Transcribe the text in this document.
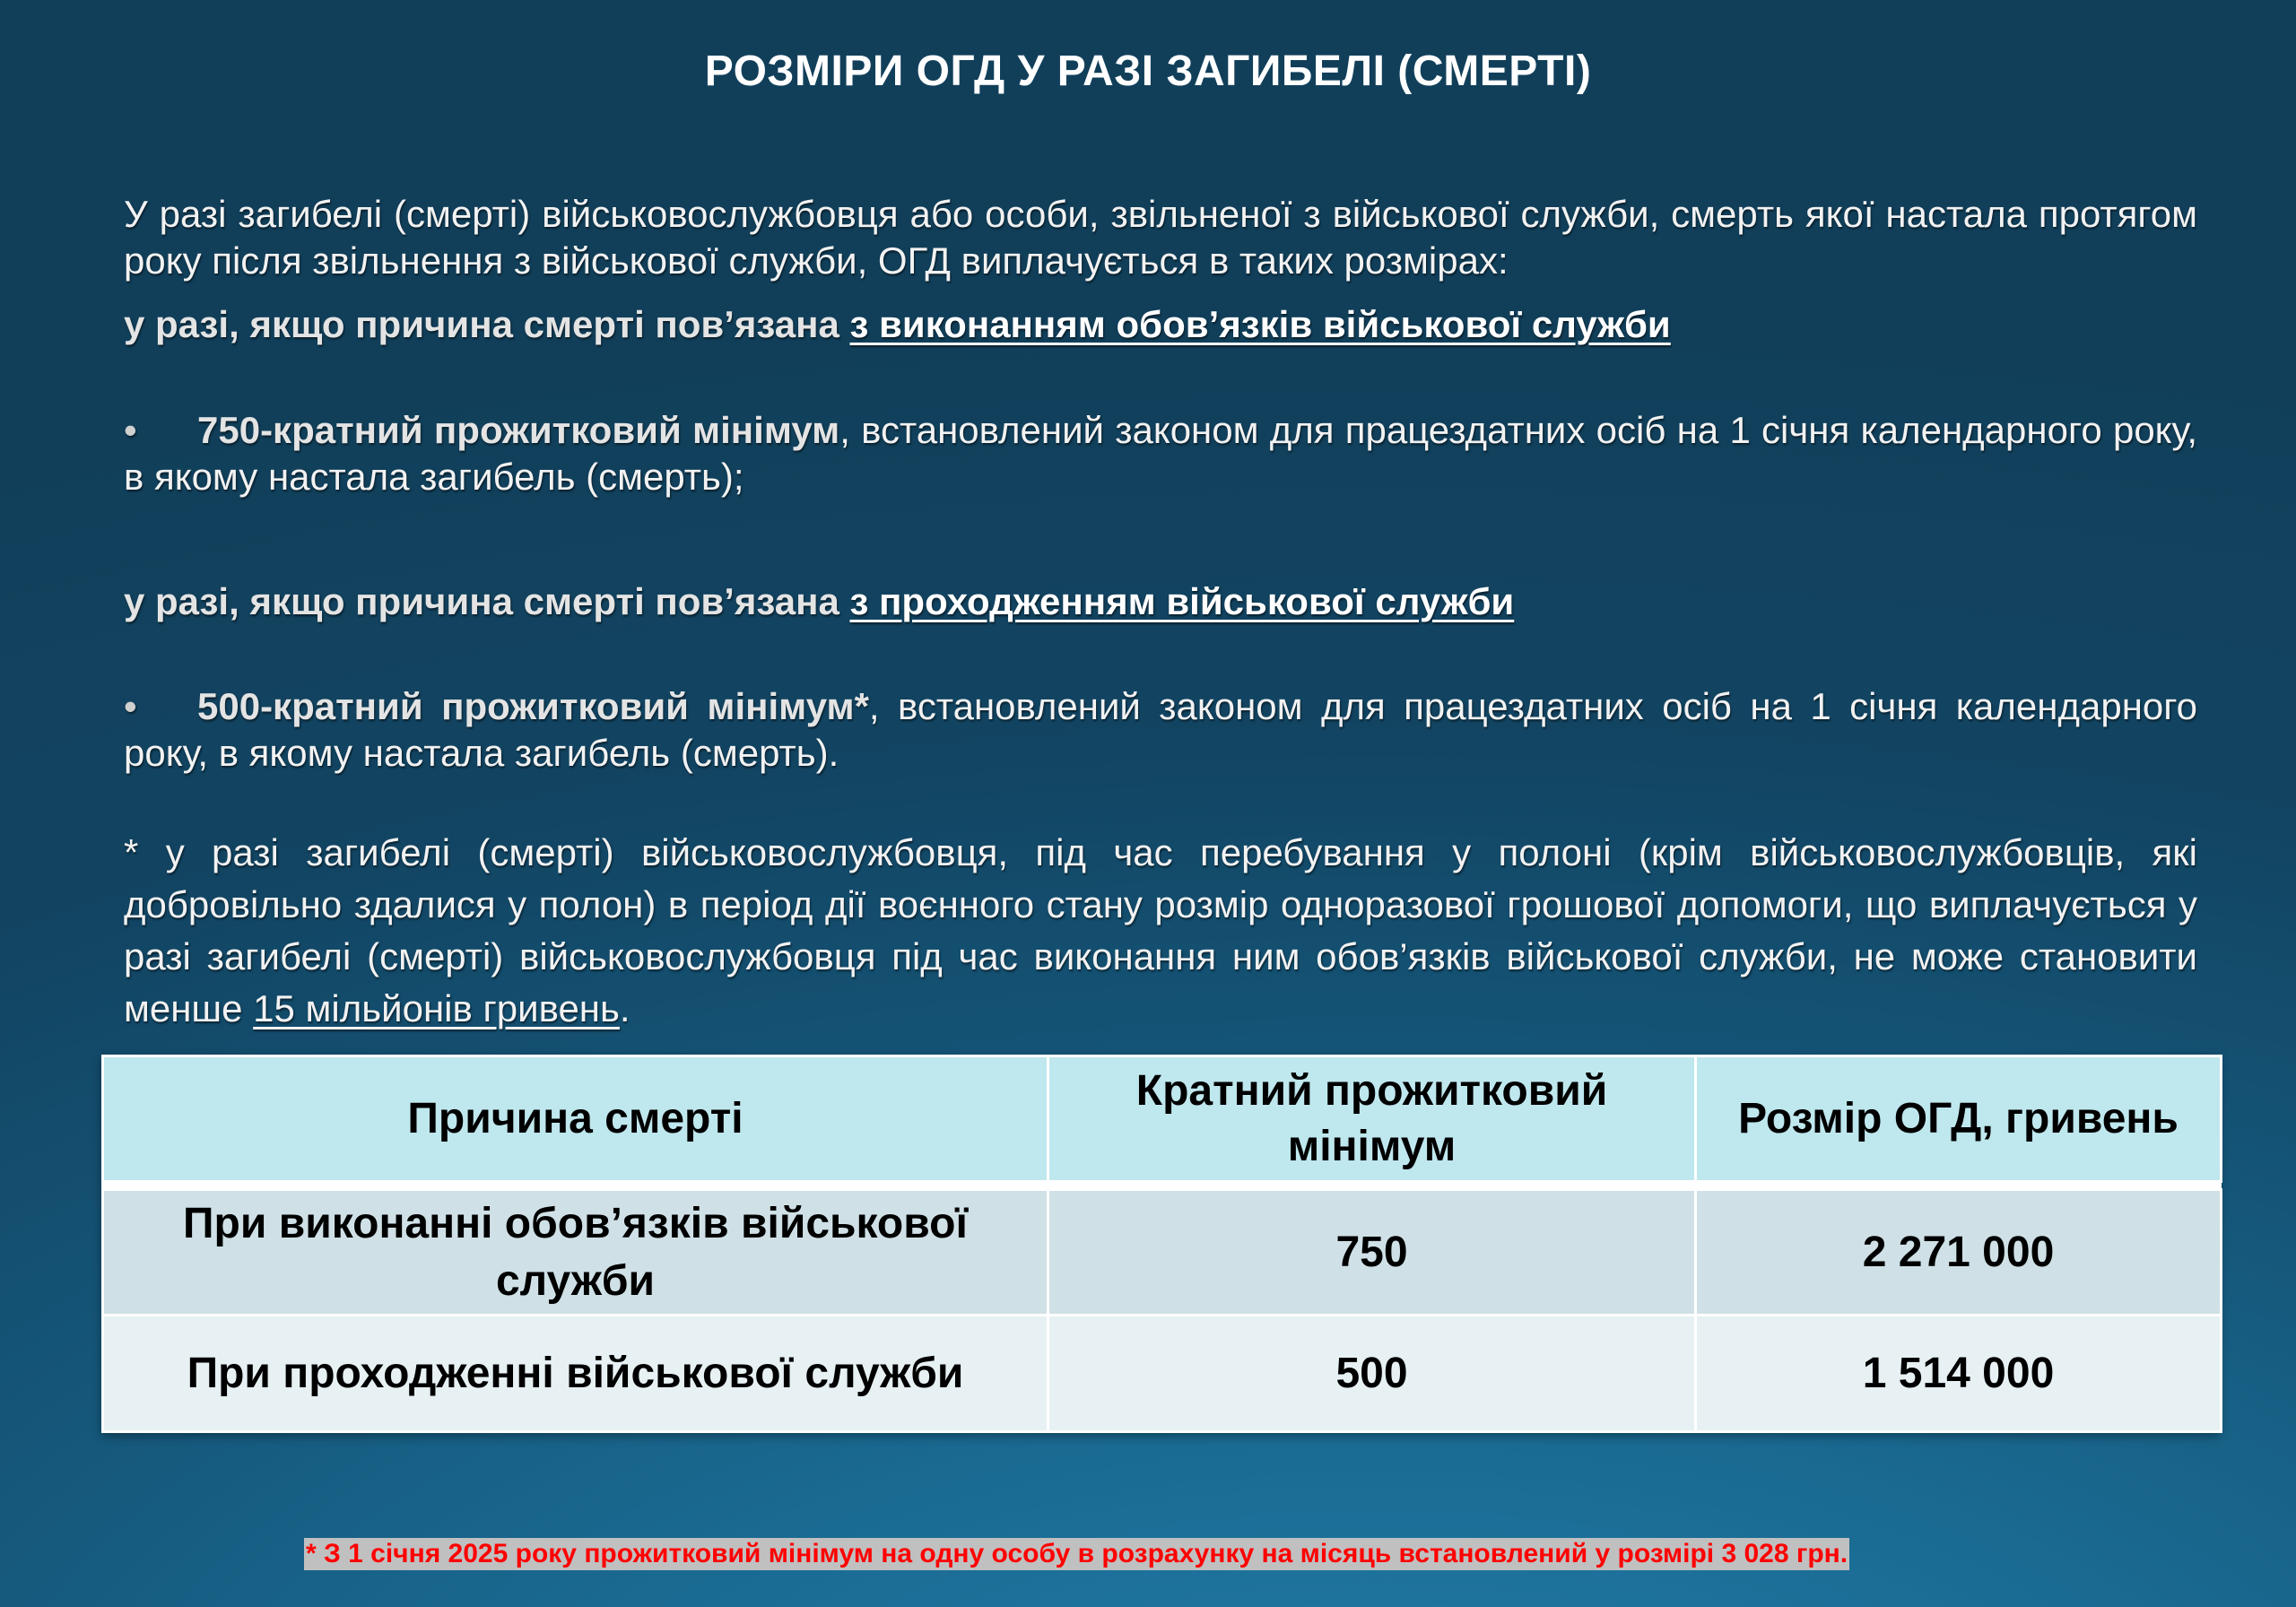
РОЗМІРИ ОГД У РАЗІ ЗАГИБЕЛІ (СМЕРТІ)

У разі загибелі (смерті) військовослужбовця або особи, звільненої з військової служби, смерть якої настала протягом року після звільнення з військової служби, ОГД виплачується в таких розмірах:

у разі, якщо причина смерті пов’язана з виконанням обов’язків військової служби

• 750-кратний прожитковий мінімум, встановлений законом для працездатних осіб на 1 січня календарного року, в якому настала загибель (смерть);

у разі, якщо причина смерті пов’язана з проходженням військової служби

• 500-кратний прожитковий мінімум*, встановлений законом для працездатних осіб на 1 січня календарного року, в якому настала загибель (смерть).

* у разі загибелі (смерті) військовослужбовця, під час перебування у полоні (крім військовослужбовців, які добровільно здалися у полон) в період дії воєнного стану розмір одноразової грошової допомоги, що виплачується у разі загибелі (смерті) військовослужбовця під час виконання ним обов’язків військової служби, не може становити менше 15 мільйонів гривень.

Причина смерті	Кратний прожитковий мінімум	Розмір ОГД, гривень

При виконанні обов’язків військової служби	750	2 271 000
При проходженні військової служби	500	1 514 000
* З 1 січня 2025 року прожитковий мінімум на одну особу в розрахунку на місяць встановлений у розмірі 3 028 грн.
